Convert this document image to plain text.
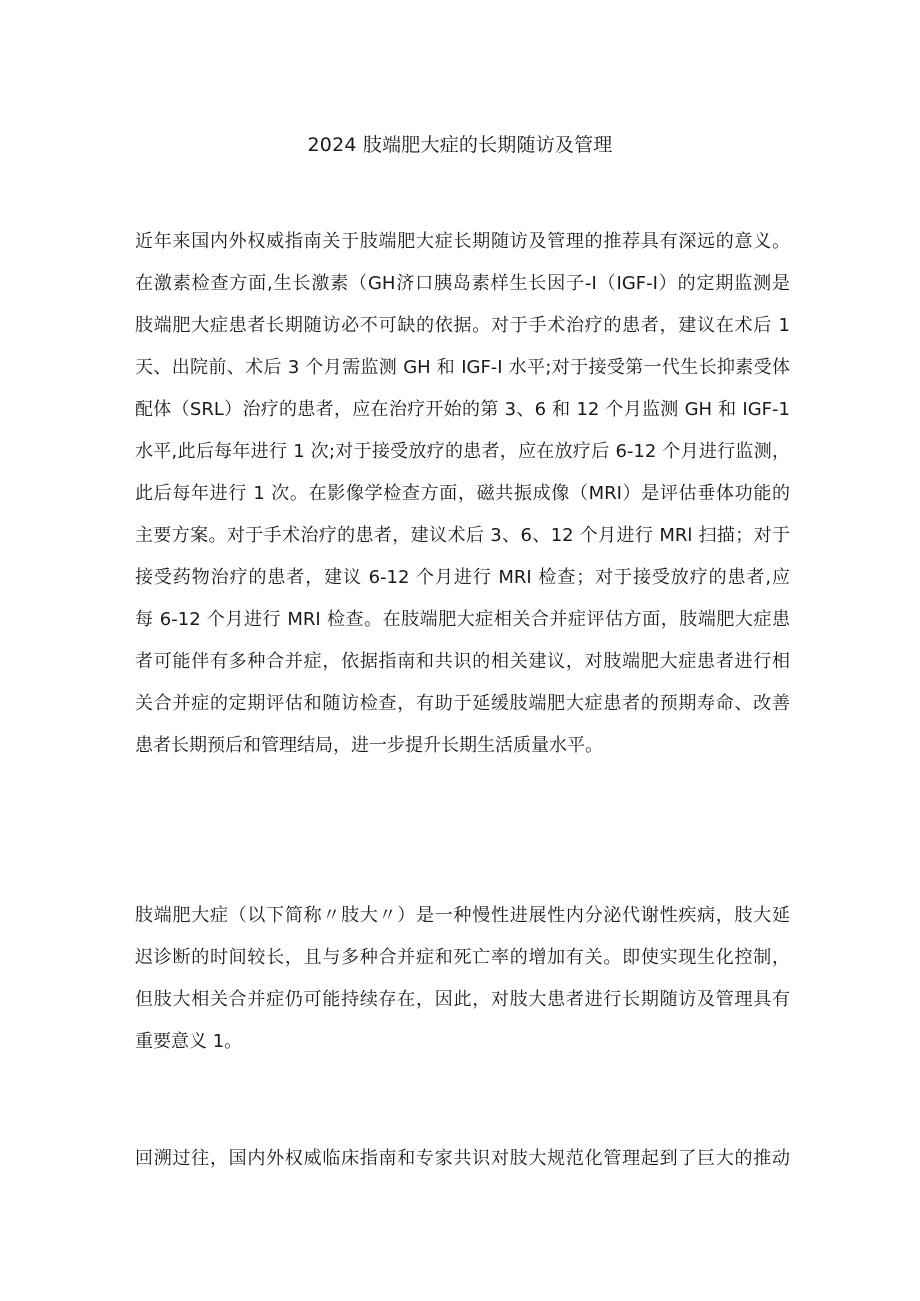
2024 肢端肥大症的长期随访及管理

近年来国内外权威指南关于肢端肥大症长期随访及管理的推荐具有深远的意义。
在激素检查方面,生长激素（GH济口胰岛素样生长因子-I（IGF-I）的定期监测是
肢端肥大症患者长期随访必不可缺的依据。对于手术治疗的患者，建议在术后 1
天、出院前、术后 3 个月需监测 GH 和 IGF-I 水平;对于接受第一代生长抑素受体
配体（SRL）治疗的患者，应在治疗开始的第 3、6 和 12 个月监测 GH 和 IGF-1
水平,此后每年进行 1 次;对于接受放疗的患者，应在放疗后 6-12 个月进行监测，
此后每年进行 1 次。在影像学检查方面，磁共振成像（MRI）是评估垂体功能的
主要方案。对于手术治疗的患者，建议术后 3、6、12 个月进行 MRl 扫描；对于
接受药物治疗的患者，建议 6-12 个月进行 MRI 检查；对于接受放疗的患者,应
每 6-12 个月进行 MRI 检查。在肢端肥大症相关合并症评估方面，肢端肥大症患
者可能伴有多种合并症，依据指南和共识的相关建议，对肢端肥大症患者进行相
关合并症的定期评估和随访检查，有助于延缓肢端肥大症患者的预期寿命、改善
患者长期预后和管理结局，进一步提升长期生活质量水平。

肢端肥大症（以下简称〃肢大〃）是一种慢性进展性内分泌代谢性疾病，肢大延
迟诊断的时间较长，且与多种合并症和死亡率的增加有关。即使实现生化控制，
但肢大相关合并症仍可能持续存在，因此，对肢大患者进行长期随访及管理具有
重要意义 1。

回溯过往，国内外权威临床指南和专家共识对肢大规范化管理起到了巨大的推动
